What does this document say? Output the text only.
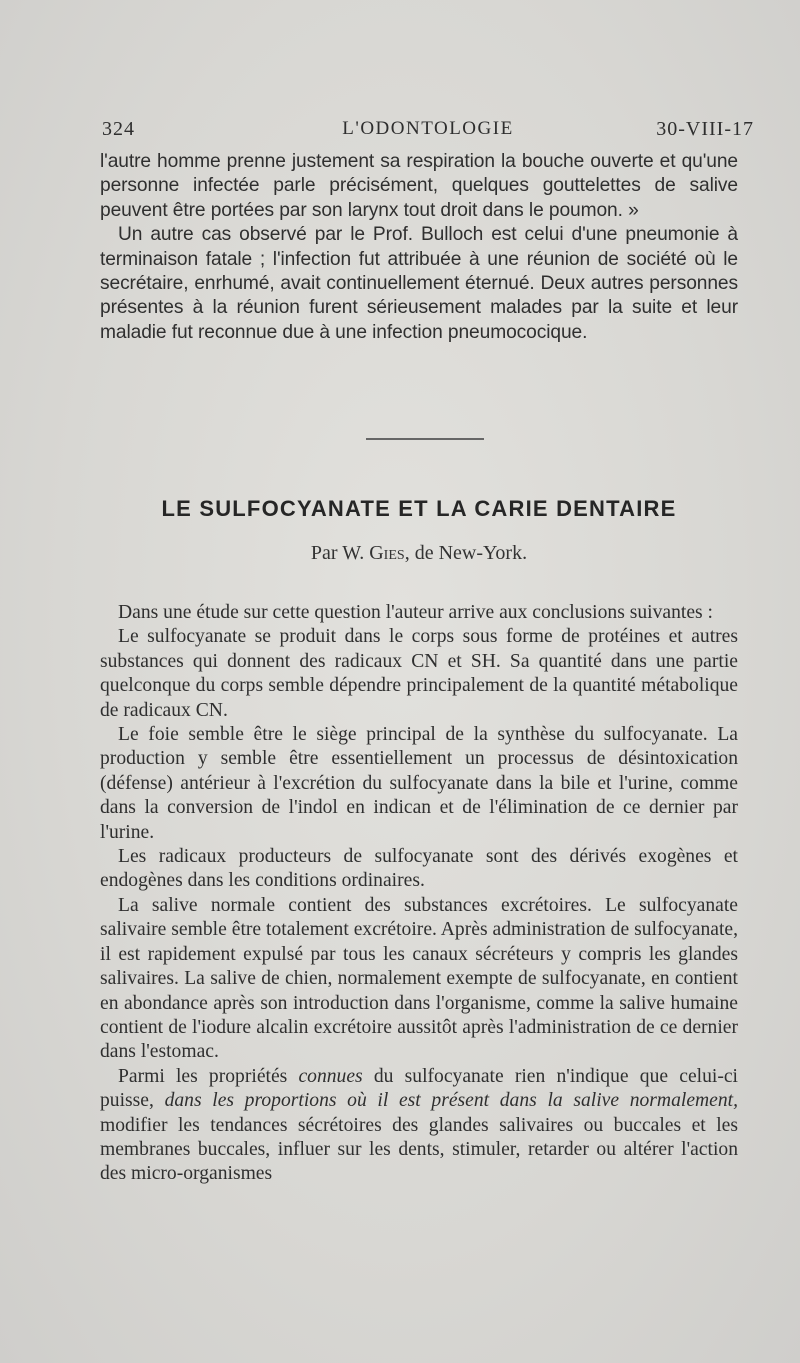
324	L'ODONTOLOGIE	30-VIII-17

l'autre homme prenne justement sa respiration la bouche ouverte et qu'une personne infectée parle précisément, quelques gouttelettes de salive peuvent être portées par son larynx tout droit dans le poumon. »

Un autre cas observé par le Prof. Bulloch est celui d'une pneumonie à terminaison fatale ; l'infection fut attribuée à une réunion de société où le secrétaire, enrhumé, avait continuellement éternué. Deux autres personnes présentes à la réunion furent sérieusement malades par la suite et leur maladie fut reconnue due à une infection pneumococique.

LE SULFOCYANATE ET LA CARIE DENTAIRE
Par W. Gies, de New-York.

Dans une étude sur cette question l'auteur arrive aux conclusions suivantes :

Le sulfocyanate se produit dans le corps sous forme de protéines et autres substances qui donnent des radicaux CN et SH. Sa quantité dans une partie quelconque du corps semble dépendre principalement de la quantité métabolique de radicaux CN.

Le foie semble être le siège principal de la synthèse du sulfocyanate. La production y semble être essentiellement un processus de désintoxication (défense) antérieur à l'excrétion du sulfocyanate dans la bile et l'urine, comme dans la conversion de l'indol en indican et de l'élimination de ce dernier par l'urine.

Les radicaux producteurs de sulfocyanate sont des dérivés exogènes et endogènes dans les conditions ordinaires.

La salive normale contient des substances excrétoires. Le sulfocyanate salivaire semble être totalement excrétoire. Après administration de sulfocyanate, il est rapidement expulsé par tous les canaux sécréteurs y compris les glandes salivaires. La salive de chien, normalement exempte de sulfocyanate, en contient en abondance après son introduction dans l'organisme, comme la salive humaine contient de l'iodure alcalin excrétoire aussitôt après l'administration de ce dernier dans l'estomac.

Parmi les propriétés connues du sulfocyanate rien n'indique que celui-ci puisse, dans les proportions où il est présent dans la salive normalement, modifier les tendances sécrétoires des glandes salivaires ou buccales et les membranes buccales, influer sur les dents, stimuler, retarder ou altérer l'action des micro-organismes
